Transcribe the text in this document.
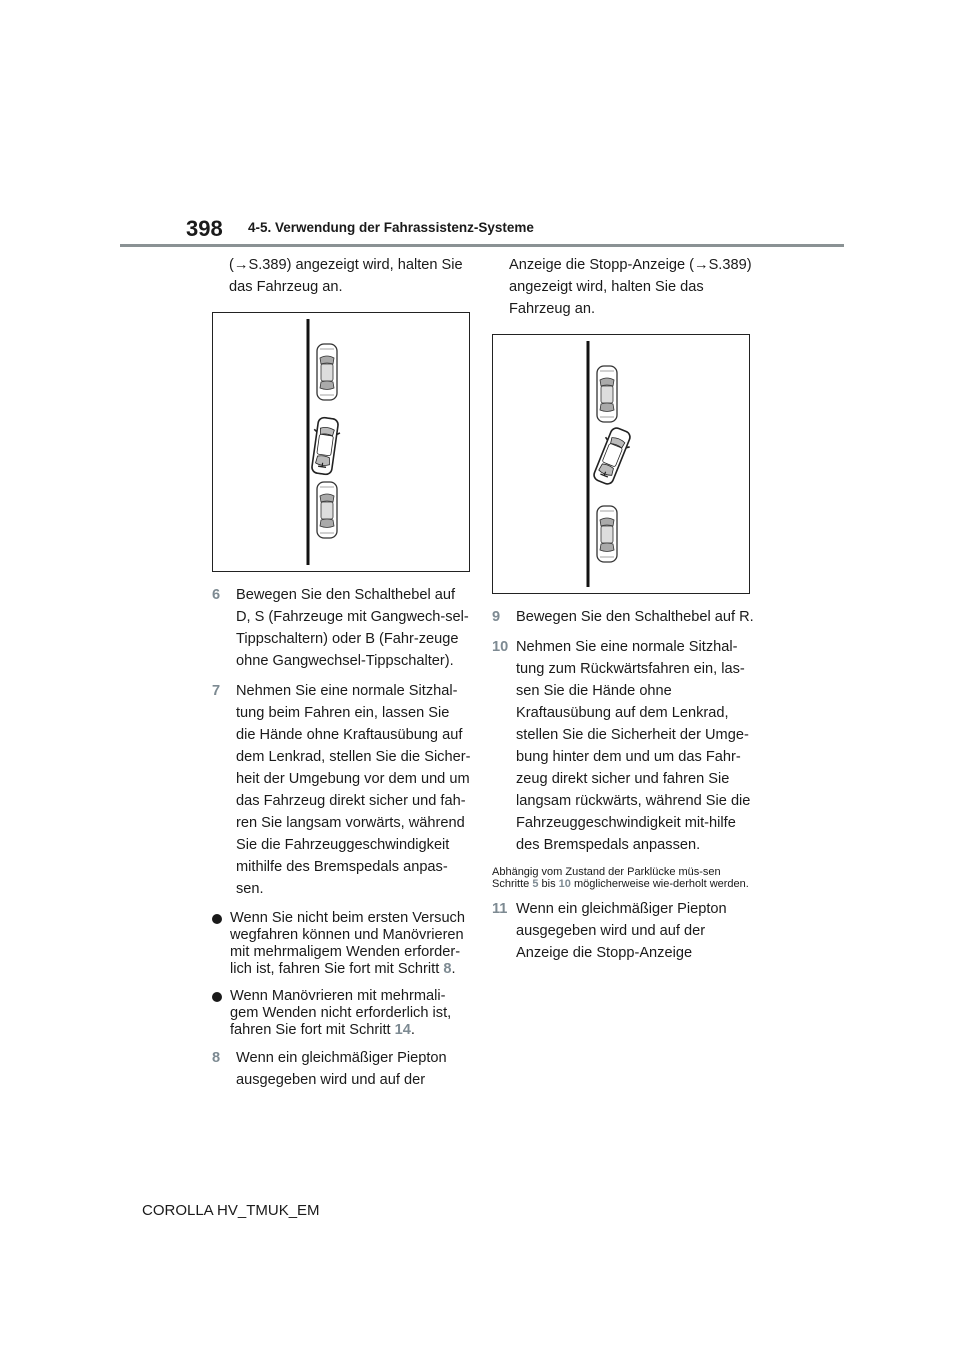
398 4-5. Verwendung der Fahrassistenz-Systeme
(→S.389) angezeigt wird, halten Sie das Fahrzeug an.
6	Bewegen Sie den Schalthebel auf D, S (Fahrzeuge mit Gangwech-sel-Tippschaltern) oder B (Fahr-zeuge ohne Gangwechsel-Tippschalter).
7	Nehmen Sie eine normale Sitzhal-tung beim Fahren ein, lassen Sie die Hände ohne Kraftausübung auf dem Lenkrad, stellen Sie die Sicher-heit der Umgebung vor dem und um das Fahrzeug direkt sicher und fah-ren Sie langsam vorwärts, während Sie die Fahrzeuggeschwindigkeit mithilfe des Bremspedals anpas-sen.
Wenn Sie nicht beim ersten Versuch wegfahren können und Manövrieren mit mehrmaligem Wenden erforder-lich ist, fahren Sie fort mit Schritt 8.
Wenn Manövrieren mit mehrmali-gem Wenden nicht erforderlich ist, fahren Sie fort mit Schritt 14.
8	Wenn ein gleichmäßiger Piepton ausgegeben wird und auf der
Anzeige die Stopp-Anzeige (→S.389) angezeigt wird, halten Sie das Fahrzeug an.
9	Bewegen Sie den Schalthebel auf R.
10 Nehmen Sie eine normale Sitzhal-tung zum Rückwärtsfahren ein, las-sen Sie die Hände ohne Kraftausübung auf dem Lenkrad, stellen Sie die Sicherheit der Umge-bung hinter dem und um das Fahr-zeug direkt sicher und fahren Sie langsam rückwärts, während Sie die Fahrzeuggeschwindigkeit mit-hilfe des Bremspedals anpassen.
Abhängig vom Zustand der Parklücke müs-sen Schritte 5 bis 10 möglicherweise wie-derholt werden.
11 Wenn ein gleichmäßiger Piepton ausgegeben wird und auf der Anzeige die Stopp-Anzeige
COROLLA HV_TMUK_EM
